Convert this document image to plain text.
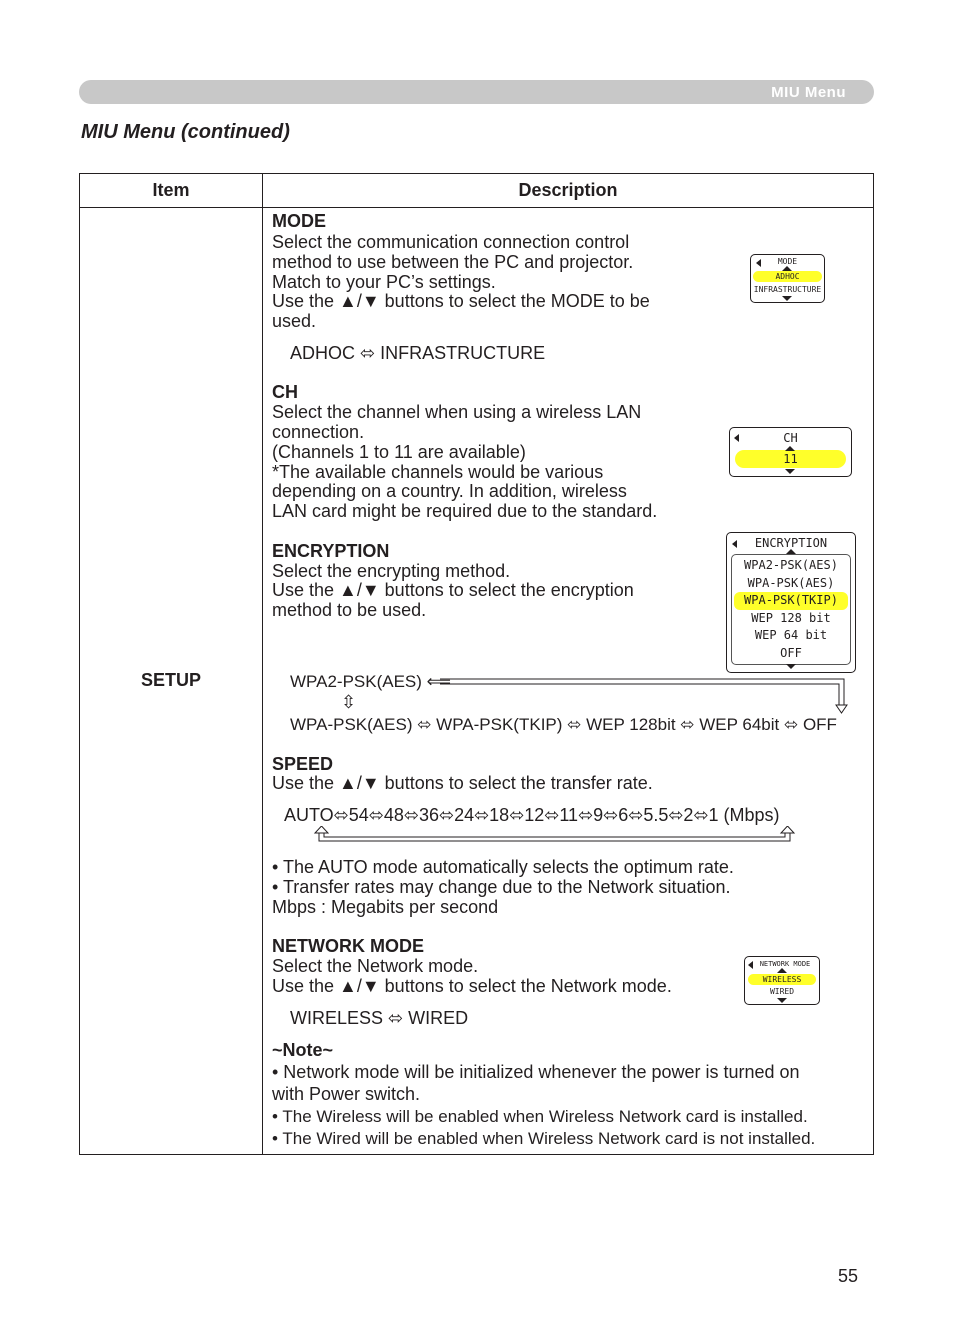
MIU Menu
MIU Menu (continued)
Item	Description
SETUP
MODE
Select the communication connection control
method to use between the PC and projector.
Match to your PC’s settings.
Use the ▲/▼ buttons to select the MODE to be
used.
ADHOC ⬄ INFRASTRUCTURE
MODE
ADHOC
INFRASTRUCTURE
CH
Select the channel when using a wireless LAN
connection.
(Channels 1 to 11 are available)
*The available channels would be various
depending on a country. In addition, wireless
LAN card might be required due to the standard.
CH
11
ENCRYPTION
Select the encrypting method.
Use the ▲/▼ buttons to select the encryption
method to be used.
ENCRYPTION
WPA2-PSK(AES)
WPA-PSK(AES)
WPA-PSK(TKIP)
WEP 128 bit
WEP 64 bit
OFF
WPA2-PSK(AES) ⟸
⇳
WPA-PSK(AES) ⬄ WPA-PSK(TKIP) ⬄ WEP 128bit ⬄ WEP 64bit ⬄ OFF
SPEED
Use the ▲/▼ buttons to select the transfer rate.
AUTO⬄54⬄48⬄36⬄24⬄18⬄12⬄11⬄9⬄6⬄5.5⬄2⬄1 (Mbps)
• The AUTO mode automatically selects the optimum rate.
• Transfer rates may change due to the Network situation.
Mbps : Megabits per second
NETWORK MODE
Select the Network mode.
Use the ▲/▼ buttons to select the Network mode.
WIRELESS ⬄ WIRED
NETWORK MODE
WIRELESS
WIRED
~Note~
• Network mode will be initialized whenever the power is turned on
with Power switch.
• The Wireless will be enabled when Wireless Network card is installed.
• The Wired will be enabled when Wireless Network card is not installed.
55
